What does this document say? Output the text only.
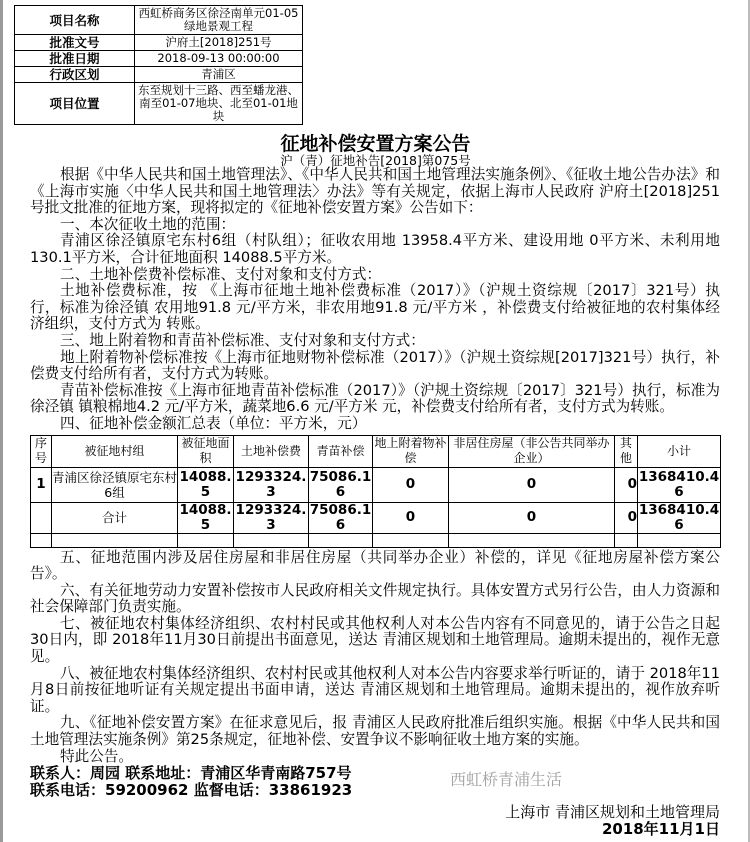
项目名称	西虹桥商务区徐泾南单元01-05绿地景观工程
批准文号	沪府土[2018]251号
批准日期	2018-09-13 00:00:00
行政区划	青浦区
项目位置	东至规划十三路、西至蟠龙港、南至01-07地块、北至01-01地块
征地补偿安置方案公告
沪（青）征地补告[2018]第075号

根据《中华人民共和国土地管理法》、《中华人民共和国土地管理法实施条例》、《征收土地公告办法》和《上海市实施〈中华人民共和国土地管理法〉办法》等有关规定，依据上海市人民政府 沪府土[2018]251号批文批准的征地方案，现将拟定的《征地补偿安置方案》公告如下：

一、本次征收土地的范围：

青浦区徐泾镇原宅东村6组（村队组）；征收农用地 13958.4平方米、建设用地 0平方米、未利用地 130.1平方米，合计征地面积 14088.5平方米。

二、土地补偿费补偿标准、支付对象和支付方式：

土地补偿费标准，按 《上海市征地土地补偿费标准（2017）》（沪规土资综规〔2017〕321号）执行，标准为徐泾镇 农用地91.8 元/平方米，非农用地91.8 元/平方米 ，补偿费支付给被征地的农村集体经济组织，支付方式为 转账。

三、地上附着物和青苗补偿标准、支付对象和支付方式：

地上附着物补偿标准按《上海市征地财物补偿标准（2017）》（沪规土资综规[2017]321号）执行，补偿费支付给所有者，支付方式为转账。

青苗补偿标准按《上海市征地青苗补偿标准（2017）》（沪规土资综规〔2017〕321号）执行，标准为徐泾镇 镇粮棉地4.2 元/平方米，蔬菜地6.6 元/平方米 元，补偿费支付给所有者，支付方式为转账。

四、征地补偿金额汇总表（单位：平方米，元）

序号	被征地村组	被征地面积	土地补偿费	青苗补偿	地上附着物补偿	非居住房屋（非公告共同举办企业）	其他	小计
1	青浦区徐泾镇原宅东村6组	14088.5	1293324.3	75086.16	0	0	0	1368410.46
	合计	14088.5	1293324.3	75086.16	0	0	0	1368410.46

五、征地范围内涉及居住房屋和非居住房屋（共同举办企业）补偿的，详见《征地房屋补偿方案公告》。

六、有关征地劳动力安置补偿按市人民政府相关文件规定执行。具体安置方式另行公告，由人力资源和社会保障部门负责实施。

七、被征地农村集体经济组织、农村村民或其他权利人对本公告内容有不同意见的，请于公告之日起30日内，即 2018年11月30日前提出书面意见，送达 青浦区规划和土地管理局。逾期未提出的，视作无意见。

八、被征地农村集体经济组织、农村村民或其他权利人对本公告内容要求举行听证的，请于 2018年11月8日前按征地听证有关规定提出书面申请，送达 青浦区规划和土地管理局。逾期未提出的，视作放弃听证。

九、《征地补偿安置方案》在征求意见后，报 青浦区人民政府批准后组织实施。根据《中华人民共和国土地管理法实施条例》第25条规定，征地补偿、安置争议不影响征收土地方案的实施。

特此公告。

联系人：周园 联系地址：青浦区华青南路757号
联系电话：59200962 监督电话：33861923
西虹桥青浦生活
上海市 青浦区规划和土地管理局
2018年11月1日
